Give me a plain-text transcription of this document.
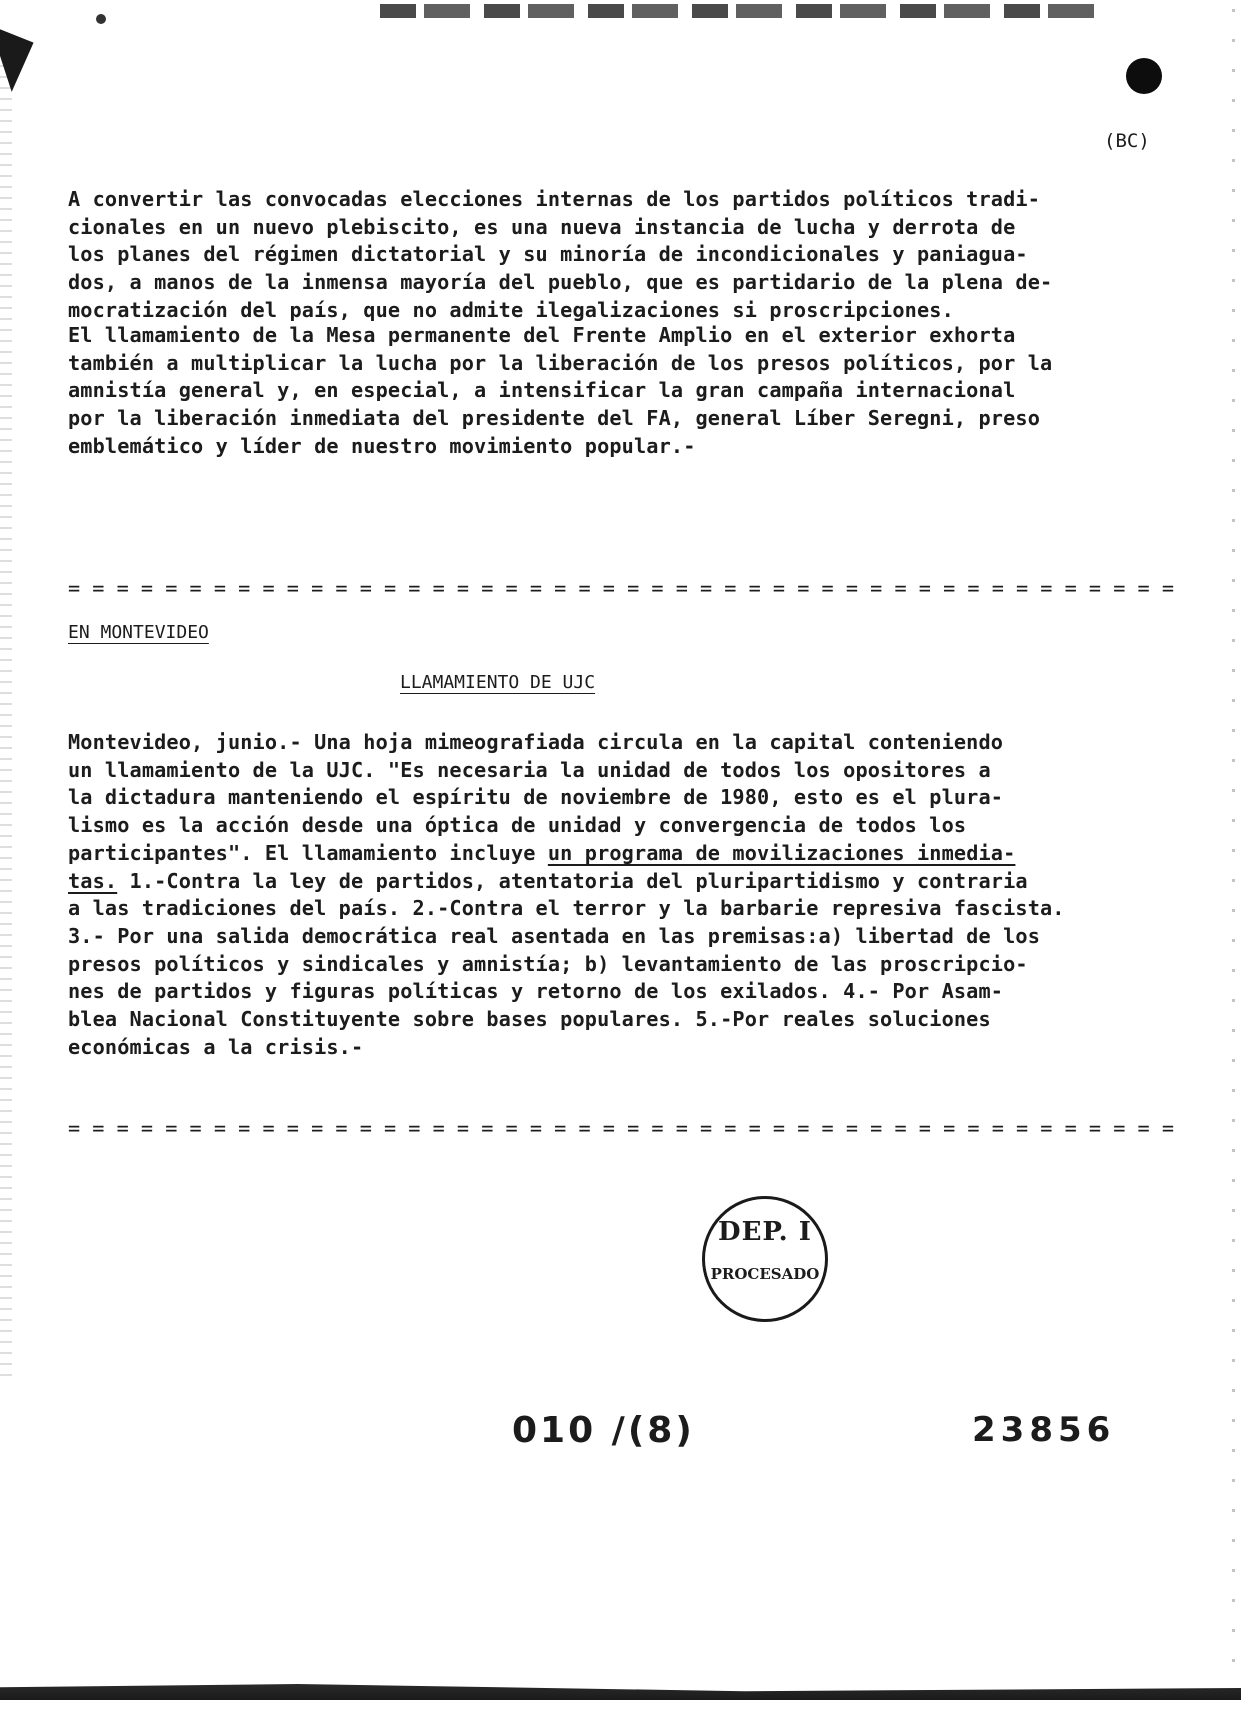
(BC)
A convertir las convocadas elecciones internas de los partidos políticos tradi-
cionales en un nuevo plebiscito, es una nueva instancia de lucha y derrota de
los planes del régimen dictatorial y su minoría de incondicionales y paniagua-
dos, a manos de la inmensa mayoría del pueblo, que es partidario de la plena de-
mocratización del país, que no admite ilegalizaciones si proscripciones.
El llamamiento de la Mesa permanente del Frente Amplio en el exterior exhorta
también a multiplicar la lucha por la liberación de los presos políticos, por la
amnistía general y, en especial, a intensificar la gran campaña internacional
por la liberación inmediata del presidente del FA, general Líber Seregni, preso
emblemático y líder de nuestro movimiento popular.-
= = = = = = = = = = = = = = = = = = = = = = = = = = = = = = = = = = = = = = = = = = = = = =
EN MONTEVIDEO
LLAMAMIENTO DE UJC
Montevideo, junio.- Una hoja mimeografiada circula en la capital conteniendo
un llamamiento de la UJC. "Es necesaria la unidad de todos los opositores a
la dictadura manteniendo el espíritu de noviembre de 1980, esto es el plura-
lismo es la acción desde una óptica de unidad y convergencia de todos los
participantes". El llamamiento incluye un programa de movilizaciones inmedia-
tas. 1.-Contra la ley de partidos, atentatoria del pluripartidismo y contraria
a las tradiciones del país. 2.-Contra el terror y la barbarie represiva fascista.
3.- Por una salida democrática real asentada en las premisas:a) libertad de los
presos políticos y sindicales y amnistía; b) levantamiento de las proscripcio-
nes de partidos y figuras políticas y retorno de los exilados. 4.- Por Asam-
blea Nacional Constituyente sobre bases populares. 5.-Por reales soluciones
económicas a la crisis.-
= = = = = = = = = = = = = = = = = = = = = = = = = = = = = = = = = = = = = = = = = = = = = =
DEP. I
PROCESADO
010 /(8)	23856
